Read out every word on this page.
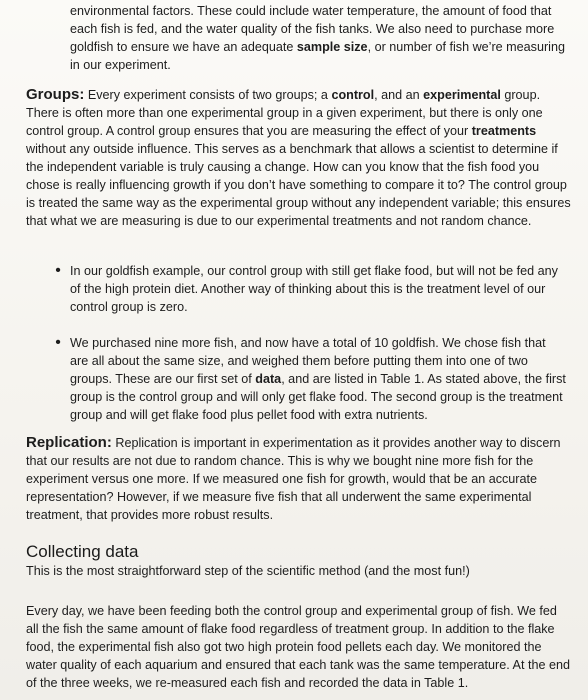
environmental factors. These could include water temperature, the amount of food that each fish is fed, and the water quality of the fish tanks. We also need to purchase more goldfish to ensure we have an adequate sample size, or number of fish we’re measuring in our experiment.

Groups: Every experiment consists of two groups; a control, and an experimental group. There is often more than one experimental group in a given experiment, but there is only one control group. A control group ensures that you are measuring the effect of your treatments without any outside influence. This serves as a benchmark that allows a scientist to determine if the independent variable is truly causing a change. How can you know that the fish food you chose is really influencing growth if you don’t have something to compare it to? The control group is treated the same way as the experimental group without any independent variable; this ensures that what we are measuring is due to our experimental treatments and not random chance.

• In our goldfish example, our control group with still get flake food, but will not be fed any of the high protein diet. Another way of thinking about this is the treatment level of our control group is zero.

• We purchased nine more fish, and now have a total of 10 goldfish. We chose fish that are all about the same size, and weighed them before putting them into one of two groups. These are our first set of data, and are listed in Table 1. As stated above, the first group is the control group and will only get flake food. The second group is the treatment group and will get flake food plus pellet food with extra nutrients.

Replication: Replication is important in experimentation as it provides another way to discern that our results are not due to random chance. This is why we bought nine more fish for the experiment versus one more. If we measured one fish for growth, would that be an accurate representation? However, if we measure five fish that all underwent the same experimental treatment, that provides more robust results.

Collecting data

This is the most straightforward step of the scientific method (and the most fun!)

Every day, we have been feeding both the control group and experimental group of fish. We fed all the fish the same amount of flake food regardless of treatment group. In addition to the flake food, the experimental fish also got two high protein food pellets each day. We monitored the water quality of each aquarium and ensured that each tank was the same temperature. At the end of the three weeks, we re-measured each fish and recorded the data in Table 1.
